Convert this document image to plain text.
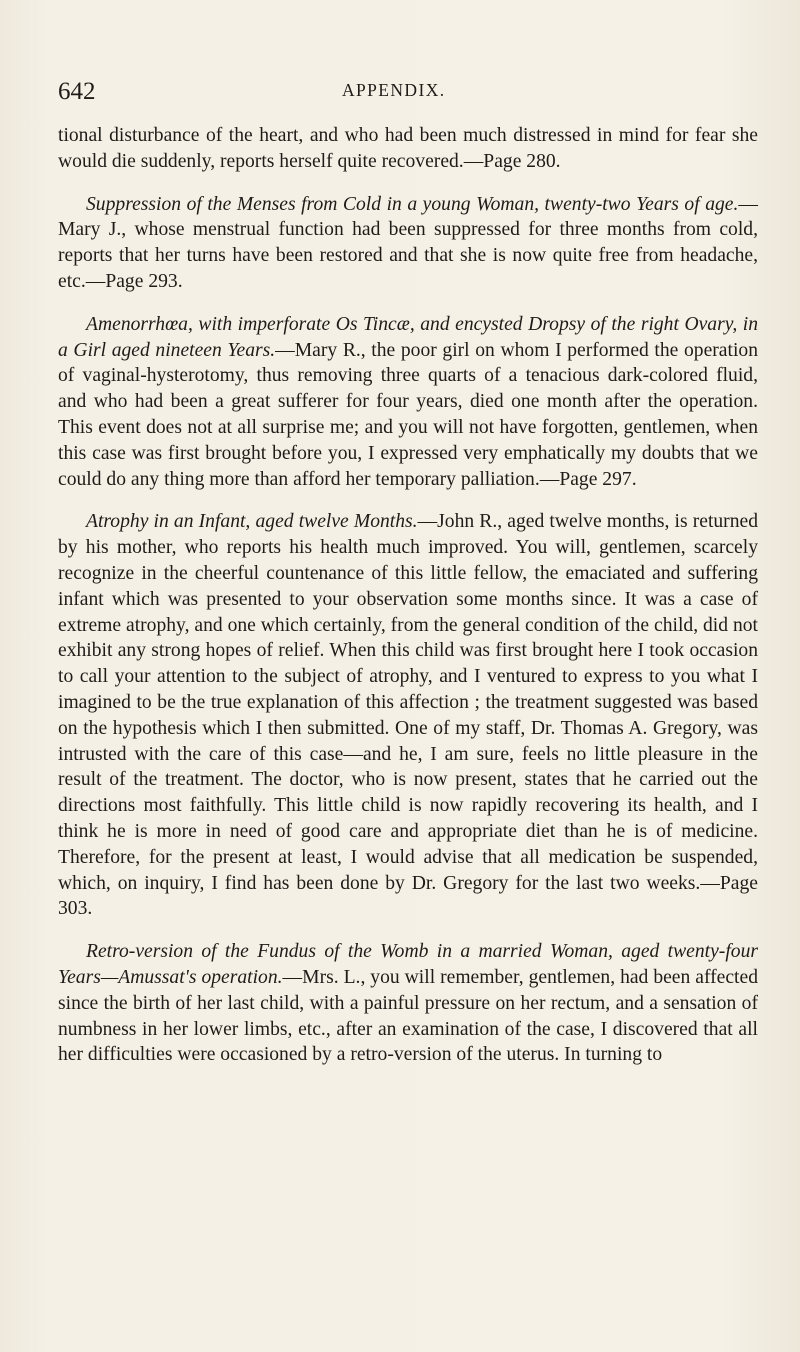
642	APPENDIX.

tional disturbance of the heart, and who had been much distressed in mind for fear she would die suddenly, reports herself quite recovered.—Page 280.

Suppression of the Menses from Cold in a young Woman, twenty-two Years of age.—Mary J., whose menstrual function had been suppressed for three months from cold, reports that her turns have been restored and that she is now quite free from headache, etc.—Page 293.

Amenorrhœa, with imperforate Os Tincæ, and encysted Dropsy of the right Ovary, in a Girl aged nineteen Years.—Mary R., the poor girl on whom I performed the operation of vaginal-hysterotomy, thus removing three quarts of a tenacious dark-colored fluid, and who had been a great sufferer for four years, died one month after the operation. This event does not at all surprise me; and you will not have forgotten, gentlemen, when this case was first brought before you, I expressed very emphatically my doubts that we could do any thing more than afford her temporary palliation.—Page 297.

Atrophy in an Infant, aged twelve Months.—John R., aged twelve months, is returned by his mother, who reports his health much improved. You will, gentlemen, scarcely recognize in the cheerful countenance of this little fellow, the emaciated and suffering infant which was presented to your observation some months since. It was a case of extreme atrophy, and one which certainly, from the general condition of the child, did not exhibit any strong hopes of relief. When this child was first brought here I took occasion to call your attention to the subject of atrophy, and I ventured to express to you what I imagined to be the true explanation of this affection ; the treatment suggested was based on the hypothesis which I then submitted. One of my staff, Dr. Thomas A. Gregory, was intrusted with the care of this case—and he, I am sure, feels no little pleasure in the result of the treatment. The doctor, who is now present, states that he carried out the directions most faithfully. This little child is now rapidly recovering its health, and I think he is more in need of good care and appropriate diet than he is of medicine. Therefore, for the present at least, I would advise that all medication be suspended, which, on inquiry, I find has been done by Dr. Gregory for the last two weeks.—Page 303.

Retro-version of the Fundus of the Womb in a married Woman, aged twenty-four Years—Amussat's operation.—Mrs. L., you will remember, gentlemen, had been affected since the birth of her last child, with a painful pressure on her rectum, and a sensation of numbness in her lower limbs, etc., after an examination of the case, I discovered that all her difficulties were occasioned by a retro-version of the uterus. In turning to
